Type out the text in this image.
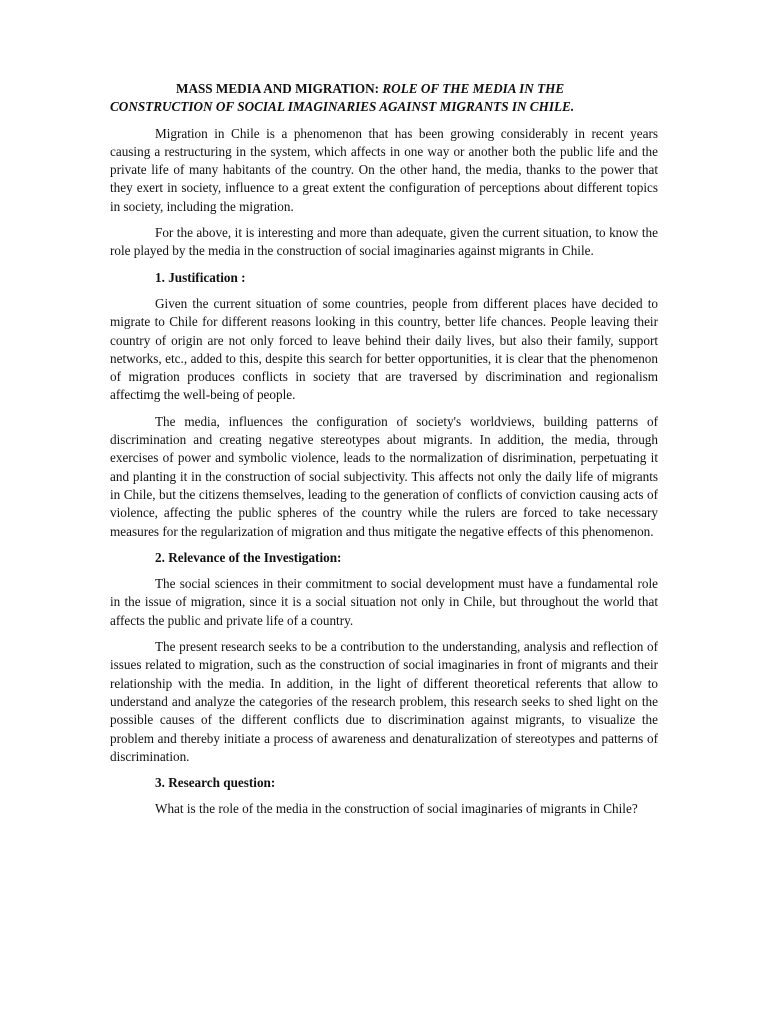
MASS MEDIA AND MIGRATION: ROLE OF THE MEDIA IN THE CONSTRUCTION OF SOCIAL IMAGINARIES AGAINST MIGRANTS IN CHILE.

Migration in Chile is a phenomenon that has been growing considerably in recent years causing a restructuring in the system, which affects in one way or another both the public life and the private life of many habitants of the country. On the other hand, the media, thanks to the power that they exert in society, influence to a great extent the configuration of perceptions about different topics in society, including the migration.

For the above, it is interesting and more than adequate, given the current situation, to know the role played by the media in the construction of social imaginaries against migrants in Chile.

1. Justification :

Given the current situation of some countries, people from different places have decided to migrate to Chile for different reasons looking in this country, better life chances. People leaving their country of origin are not only forced to leave behind their daily lives, but also their family, support networks, etc., added to this, despite this search for better opportunities, it is clear that the phenomenon of migration produces conflicts in society that are traversed by discrimination and regionalism affectimg the well-being of people.

The media, influences the configuration of society's worldviews, building patterns of discrimination and creating negative stereotypes about migrants. In addition, the media, through exercises of power and symbolic violence, leads to the normalization of disrimination, perpetuating it and planting it in the construction of social subjectivity. This affects not only the daily life of migrants in Chile, but the citizens themselves, leading to the generation of conflicts of conviction causing acts of violence, affecting the public spheres of the country while the rulers are forced to take necessary measures for the regularization of migration and thus mitigate the negative effects of this phenomenon.

2. Relevance of the Investigation:

The social sciences in their commitment to social development must have a fundamental role in the issue of migration, since it is a social situation not only in Chile, but throughout the world that affects the public and private life of a country.

The present research seeks to be a contribution to the understanding, analysis and reflection of issues related to migration, such as the construction of social imaginaries in front of migrants and their relationship with the media. In addition, in the light of different theoretical referents that allow to understand and analyze the categories of the research problem, this research seeks to shed light on the possible causes of the different conflicts due to discrimination against migrants, to visualize the problem and thereby initiate a process of awareness and denaturalization of stereotypes and patterns of discrimination.

3. Research question:

What is the role of the media in the construction of social imaginaries of migrants in Chile?
